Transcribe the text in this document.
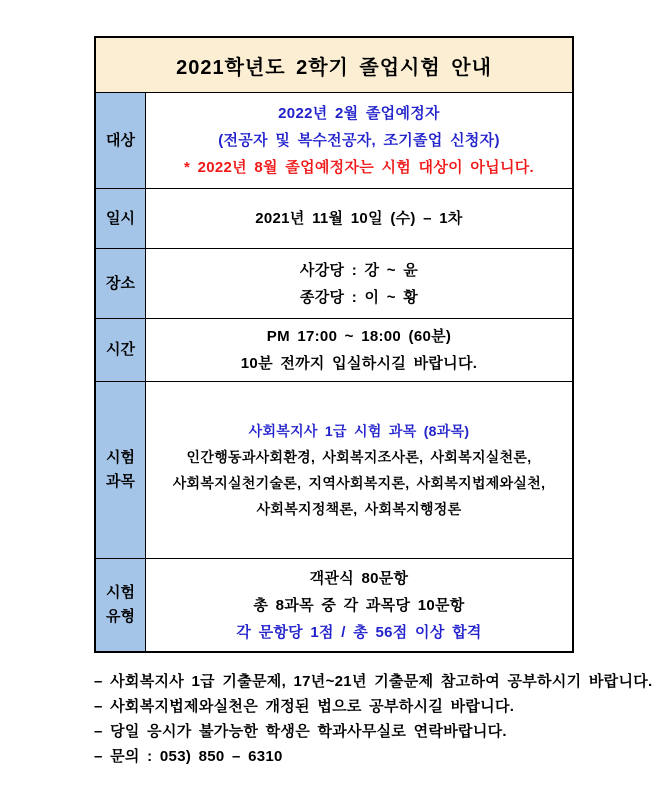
2021학년도 2학기 졸업시험 안내
대상
2022년 2월 졸업예정자
(전공자 및 복수전공자, 조기졸업 신청자)
* 2022년 8월 졸업예정자는 시험 대상이 아닙니다.
일시	2021년 11월 10일 (수) – 1차
장소
사강당 : 강 ~ 윤
종강당 : 이 ~ 황
시간
PM 17:00 ~ 18:00 (60분)
10분 전까지 입실하시길 바랍니다.
시험
과목
사회복지사 1급 시험 과목 (8과목)
인간행동과사회환경, 사회복지조사론, 사회복지실천론,
사회복지실천기술론, 지역사회복지론, 사회복지법제와실천,
사회복지정책론, 사회복지행정론
시험
유형
객관식 80문항
총 8과목 중 각 과목당 10문항
각 문항당 1점 / 총 56점 이상 합격
– 사회복지사 1급 기출문제, 17년~21년 기출문제 참고하여 공부하시기 바랍니다.
– 사회복지법제와실천은 개정된 법으로 공부하시길 바랍니다.
– 당일 응시가 불가능한 학생은 학과사무실로 연락바랍니다.
– 문의 : 053) 850 – 6310
